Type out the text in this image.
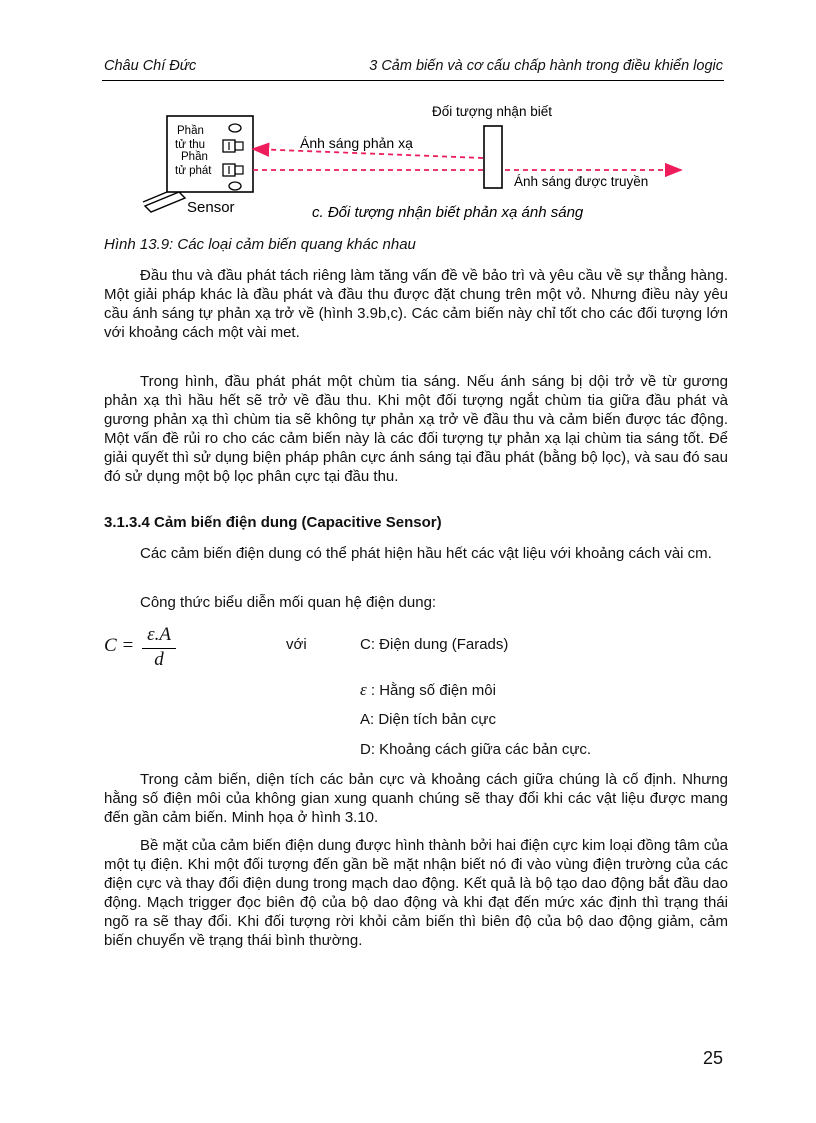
Châu Chí Đức	3 Cảm biến và cơ cấu chấp hành trong điều khiển logic
Phần
tử thu
Phần
tử phát
Sensor
Đối tượng nhận biết
Ánh sáng phản xạ
Ánh sáng được truyền
c. Đối tượng nhận biết phản xạ ánh sáng
Hình 13.9: Các loại cảm biến quang khác nhau

Đầu thu và đầu phát tách riêng làm tăng vấn đề về bảo trì và yêu cầu về sự thẳng hàng. Một giải pháp khác là đầu phát và đầu thu được đặt chung trên một vỏ. Nhưng điều này yêu cầu ánh sáng tự phản xạ trở về (hình 3.9b,c). Các cảm biến này chỉ tốt cho các đối tượng lớn với khoảng cách một vài met.

Trong hình, đầu phát phát một chùm tia sáng. Nếu ánh sáng bị dội trở về từ gương phản xạ thì hầu hết sẽ trở về đầu thu. Khi một đối tượng ngắt chùm tia giữa đầu phát và gương phản xạ thì chùm tia sẽ không tự phản xạ trở về đầu thu và cảm biến được tác động. Một vấn đề rủi ro cho các cảm biến này là các đối tượng tự phản xạ lại chùm tia sáng tốt. Để giải quyết thì sử dụng biện pháp phân cực ánh sáng tại đầu phát (bằng bộ lọc), và sau đó sau đó sử dụng một bộ lọc phân cực tại đầu thu.

3.1.3.4 Cảm biến điện dung (Capacitive Sensor)

Các cảm biến điện dung có thể phát hiện hầu hết các vật liệu với khoảng cách vài cm.

Công thức biểu diễn mối quan hệ điện dung:

C =
ε.A
d
với	C: Điện dung (Farads)
ε : Hằng số điện môi
A: Diện tích bản cực
D: Khoảng cách giữa các bản cực.

Trong cảm biến, diện tích các bản cực và khoảng cách giữa chúng là cố định. Nhưng hằng số điện môi của không gian xung quanh chúng sẽ thay đổi khi các vật liệu được mang đến gần cảm biến. Minh họa ở hình 3.10.

Bề mặt của cảm biến điện dung được hình thành bởi hai điện cực kim loại đồng tâm của một tụ điện. Khi một đối tượng đến gần bề mặt nhận biết nó đi vào vùng điện trường của các điện cực và thay đổi điện dung trong mạch dao động. Kết quả là bộ tạo dao động bắt đầu dao động. Mạch trigger đọc biên độ của bộ dao động và khi đạt đến mức xác định thì trạng thái ngõ ra sẽ thay đổi. Khi đối tượng rời khỏi cảm biến thì biên độ của bộ dao động giảm, cảm biến chuyển về trạng thái bình thường.

25
